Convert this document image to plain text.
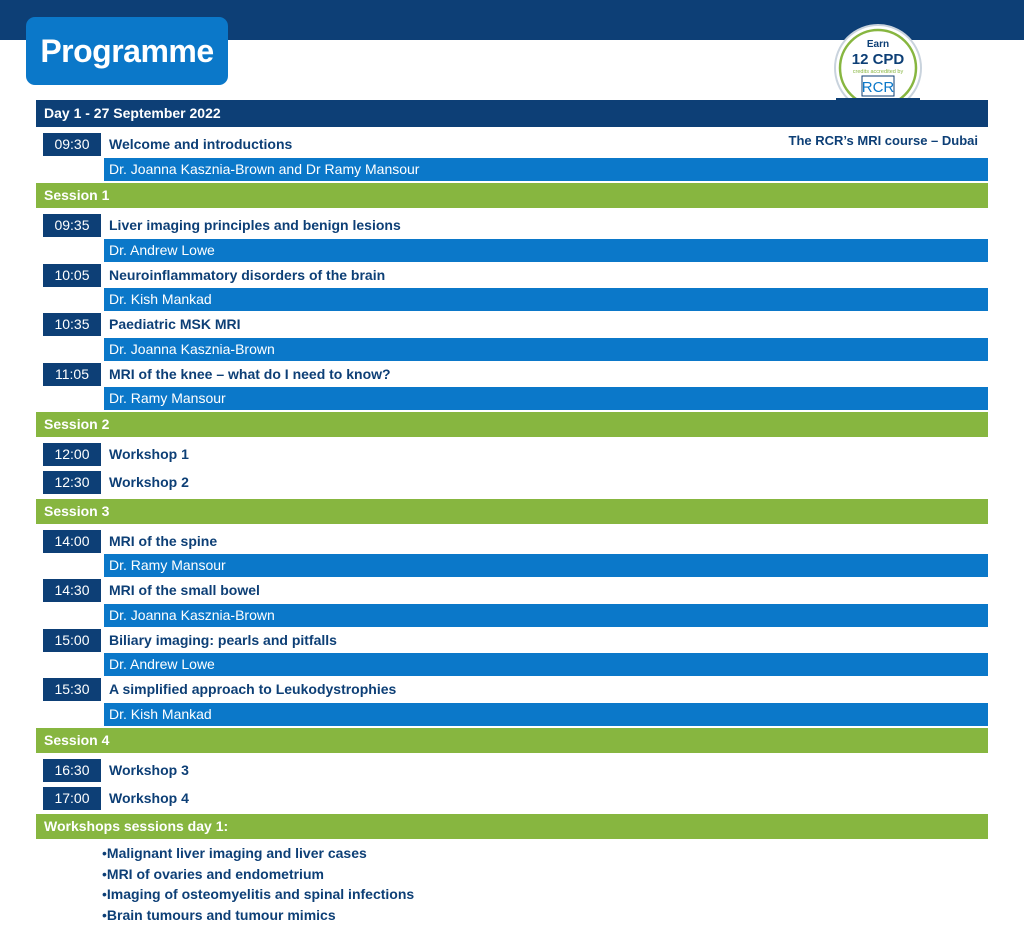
Programme	Earn
12 CPD
credits accredited by
RCR
Day 1 - 27 September 2022
The RCR’s MRI course – Dubai
09:30	Welcome and introductions
Dr. Joanna Kasznia-Brown and Dr Ramy Mansour
Session 1
09:35	Liver imaging principles and benign lesions
Dr. Andrew Lowe
10:05	Neuroinflammatory disorders of the brain
Dr. Kish Mankad
10:35	Paediatric MSK MRI
Dr. Joanna Kasznia-Brown
11:05	MRI of the knee – what do I need to know?
Dr. Ramy Mansour
Session 2
12:00	Workshop 1
12:30	Workshop 2
Session 3
14:00	MRI of the spine
Dr. Ramy Mansour
14:30	MRI of the small bowel
Dr. Joanna Kasznia-Brown
15:00	Biliary imaging: pearls and pitfalls
Dr. Andrew Lowe
15:30	A simplified approach to Leukodystrophies
Dr. Kish Mankad
Session 4
16:30	Workshop 3
17:00	Workshop 4
Workshops sessions day 1:
• Malignant liver imaging and liver cases
• MRI of ovaries and endometrium
• Imaging of osteomyelitis and spinal infections
• Brain tumours and tumour mimics
